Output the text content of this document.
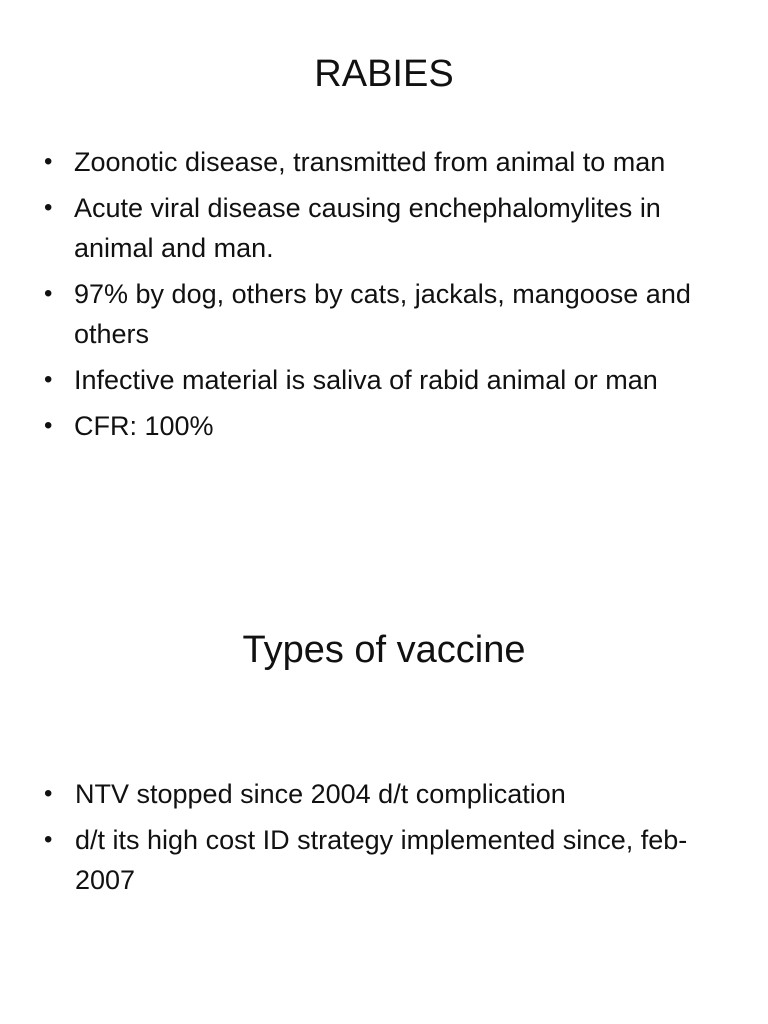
RABIES
• Zoonotic disease, transmitted from animal to man
• Acute viral disease causing enchephalomylites in animal and man.
• 97% by dog, others by cats, jackals, mangoose and others
• Infective material is saliva of rabid animal or man
• CFR: 100%
Types of vaccine
• NTV stopped since 2004 d/t complication
• d/t its high cost ID strategy implemented since, feb-2007
